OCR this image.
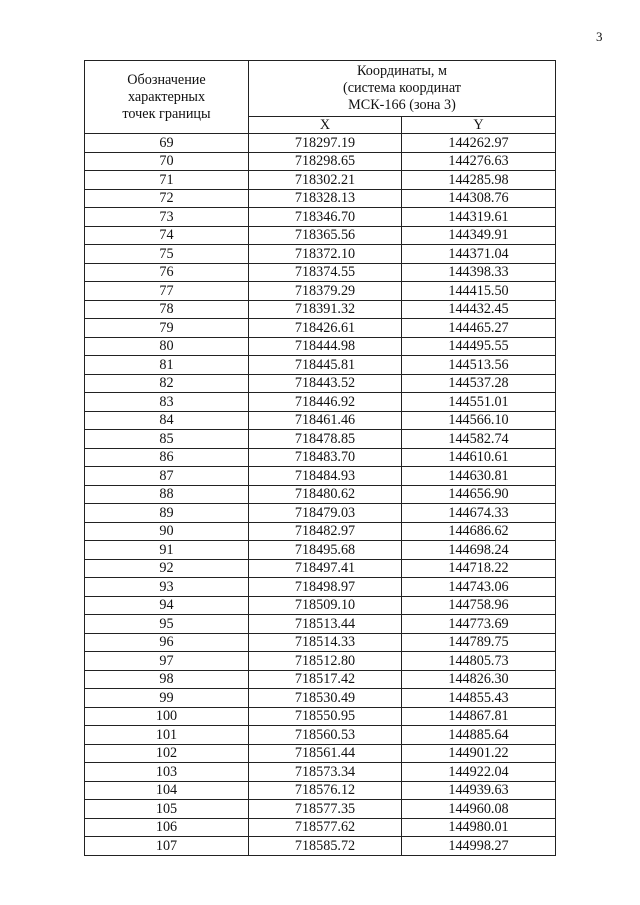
3
Обозначение
характерных
точек границы	Координаты, м
(система координат
МСК-166 (зона 3)	

	X	Y
69	718297.19	144262.97
70	718298.65	144276.63
71	718302.21	144285.98
72	718328.13	144308.76
73	718346.70	144319.61
74	718365.56	144349.91
75	718372.10	144371.04
76	718374.55	144398.33
77	718379.29	144415.50
78	718391.32	144432.45
79	718426.61	144465.27
80	718444.98	144495.55
81	718445.81	144513.56
82	718443.52	144537.28
83	718446.92	144551.01
84	718461.46	144566.10
85	718478.85	144582.74
86	718483.70	144610.61
87	718484.93	144630.81
88	718480.62	144656.90
89	718479.03	144674.33
90	718482.97	144686.62
91	718495.68	144698.24
92	718497.41	144718.22
93	718498.97	144743.06
94	718509.10	144758.96
95	718513.44	144773.69
96	718514.33	144789.75
97	718512.80	144805.73
98	718517.42	144826.30
99	718530.49	144855.43
100	718550.95	144867.81
101	718560.53	144885.64
102	718561.44	144901.22
103	718573.34	144922.04
104	718576.12	144939.63
105	718577.35	144960.08
106	718577.62	144980.01
107	718585.72	144998.27
